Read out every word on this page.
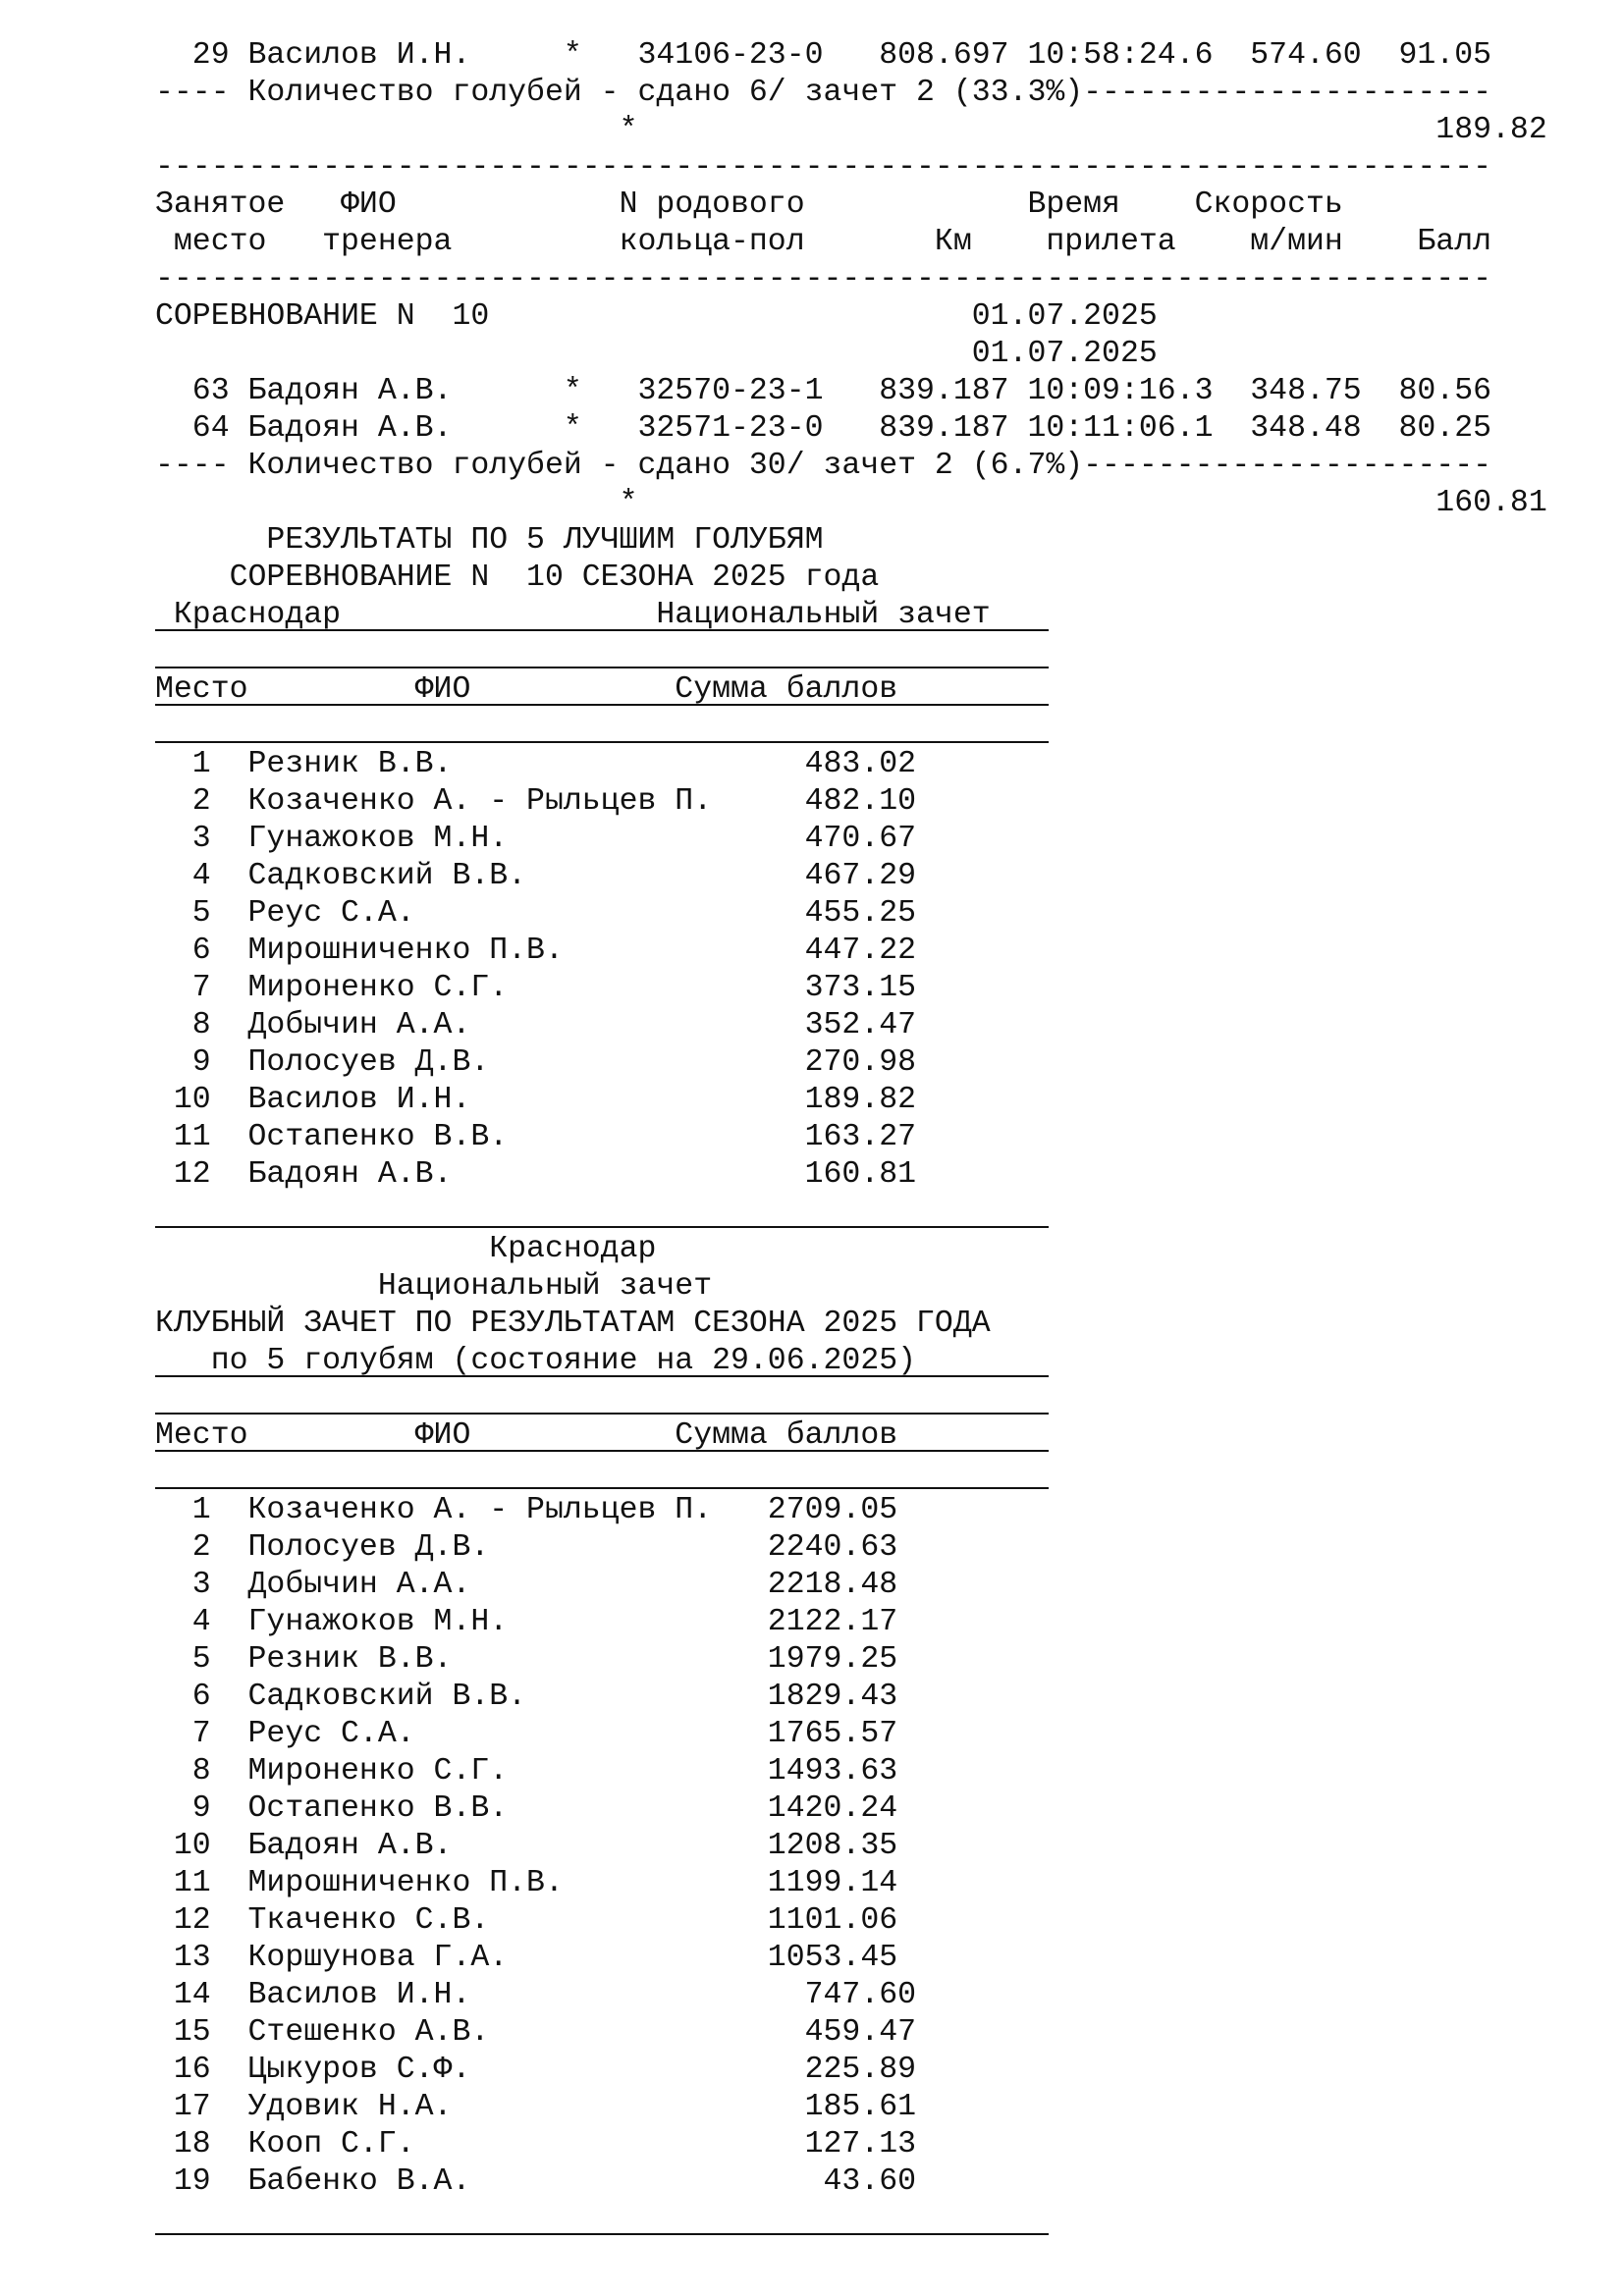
29 Василов И.Н.     *   34106-23-0   808.697 10:58:24.6  574.60  91.05
---- Количество голубей - сдано 6/ зачет 2 (33.3%)----------------------
*                                           189.82
------------------------------------------------------------------------
Занятое   ФИО            N родового            Время    Скорость
место   тренера         кольца-пол       Км    прилета    м/мин    Балл
------------------------------------------------------------------------
СОРЕВНОВАНИЕ N  10                          01.07.2025
01.07.2025
63 Бадоян А.В.      *   32570-23-1   839.187 10:09:16.3  348.75  80.56
64 Бадоян А.В.      *   32571-23-0   839.187 10:11:06.1  348.48  80.25
---- Количество голубей - сдано 30/ зачет 2 (6.7%)----------------------
*                                           160.81
РЕЗУЛЬТАТЫ ПО 5 ЛУЧШИМ ГОЛУБЯМ
СОРЕВНОВАНИЕ N  10 СЕЗОНА 2025 года
Краснодар                 Национальный зачет
Место         ФИО           Сумма баллов
1  Резник В.В.                   483.02
2  Козаченко А. - Рыльцев П.     482.10
3  Гунажоков М.Н.                470.67
4  Садковский В.В.               467.29
5  Реус С.А.                     455.25
6  Мирошниченко П.В.             447.22
7  Мироненко С.Г.                373.15
8  Добычин А.А.                  352.47
9  Полосуев Д.В.                 270.98
10  Василов И.Н.                  189.82
11  Остапенко В.В.                163.27
12  Бадоян А.В.                   160.81
Краснодар
Национальный зачет
КЛУБНЫЙ ЗАЧЕТ ПО РЕЗУЛЬТАТАМ СЕЗОНА 2025 ГОДА
по 5 голубям (состояние на 29.06.2025)
Место         ФИО           Сумма баллов
1  Козаченко А. - Рыльцев П.   2709.05
2  Полосуев Д.В.               2240.63
3  Добычин А.А.                2218.48
4  Гунажоков М.Н.              2122.17
5  Резник В.В.                 1979.25
6  Садковский В.В.             1829.43
7  Реус С.А.                   1765.57
8  Мироненко С.Г.              1493.63
9  Остапенко В.В.              1420.24
10  Бадоян А.В.                 1208.35
11  Мирошниченко П.В.           1199.14
12  Ткаченко С.В.               1101.06
13  Коршунова Г.А.              1053.45
14  Василов И.Н.                  747.60
15  Стешенко А.В.                 459.47
16  Цыкуров С.Ф.                  225.89
17  Удовик Н.А.                   185.61
18  Кооп С.Г.                     127.13
19  Бабенко В.А.                   43.60
